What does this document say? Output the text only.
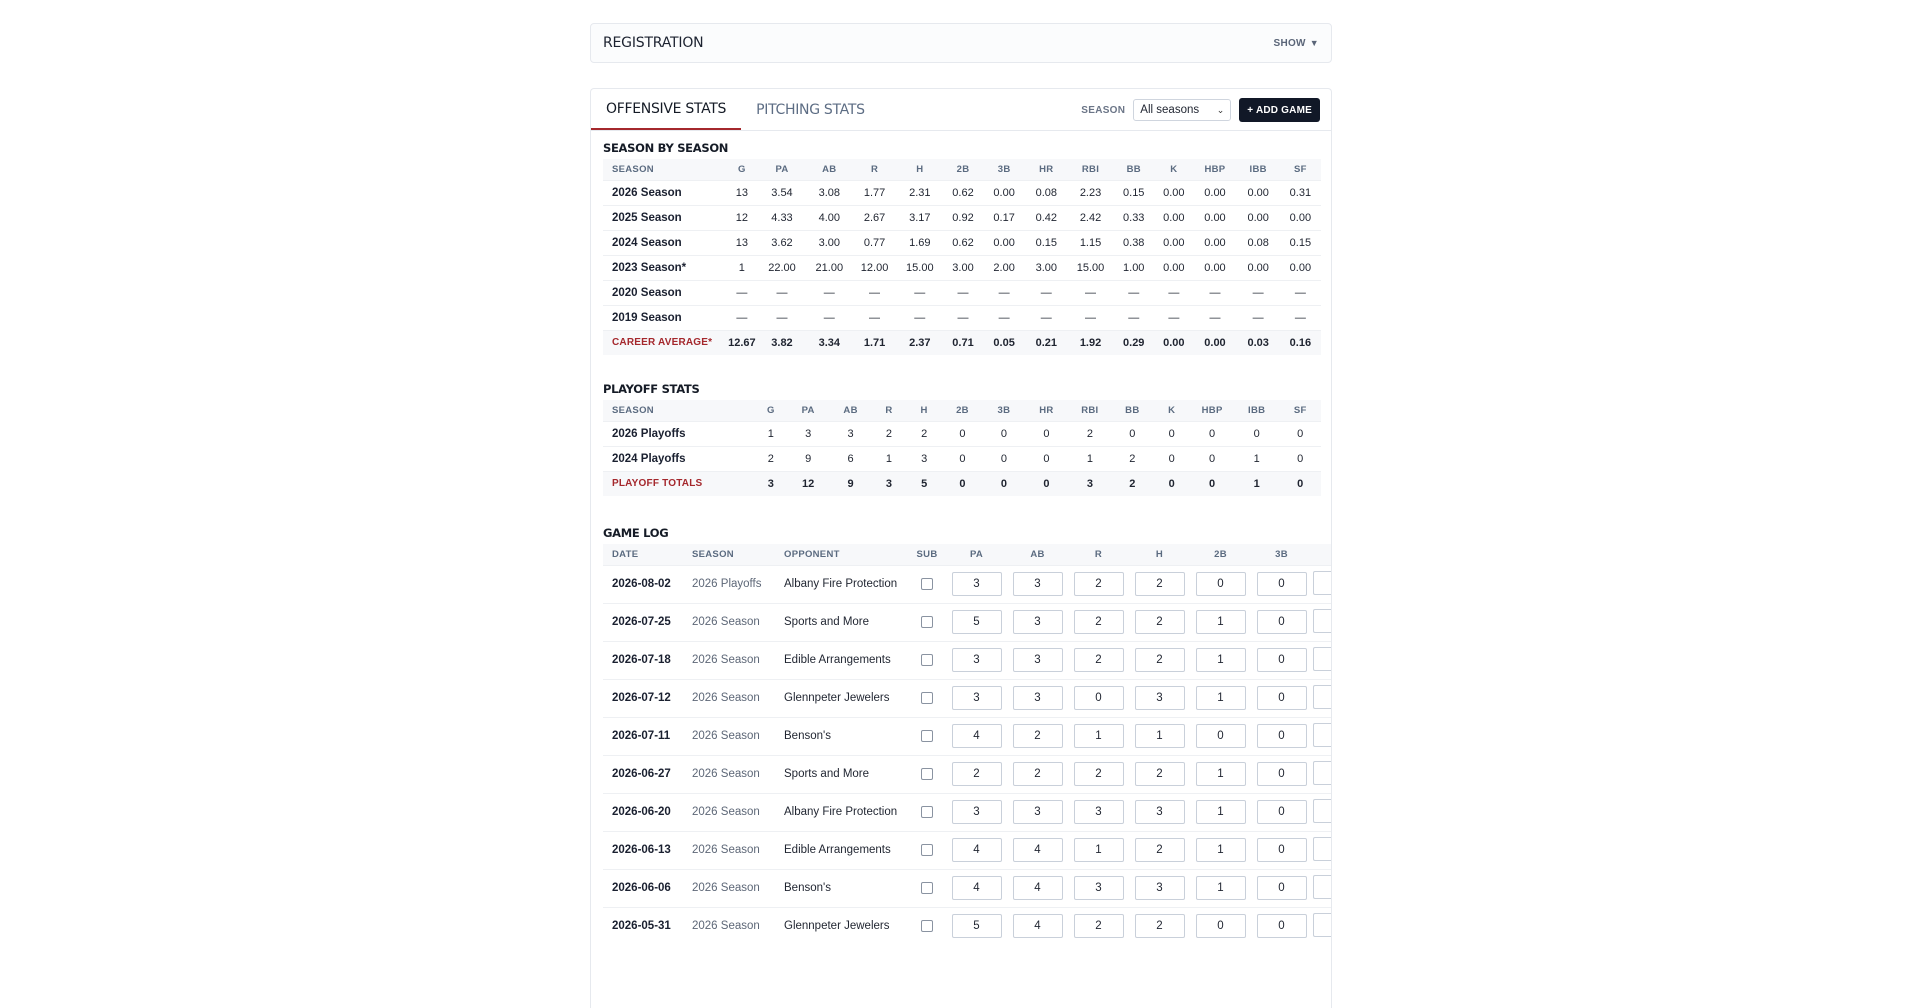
REGISTRATION	SHOW ▼
OFFENSIVE STATS	PITCHING STATS	SEASON All seasons ⌄	+ ADD GAME
SEASON BY SEASON
SEASON	G	PA	AB	R	H	2B	3B	HR	RBI	BB	K	HBP	IBB	SF
2026 Season	13	3.54	3.08	1.77	2.31	0.62	0.00	0.08	2.23	0.15	0.00	0.00	0.00	0.31
2025 Season	12	4.33	4.00	2.67	3.17	0.92	0.17	0.42	2.42	0.33	0.00	0.00	0.00	0.00
2024 Season	13	3.62	3.00	0.77	1.69	0.62	0.00	0.15	1.15	0.38	0.00	0.00	0.08	0.15
2023 Season*	1	22.00	21.00	12.00	15.00	3.00	2.00	3.00	15.00	1.00	0.00	0.00	0.00	0.00
2020 Season	—	—	—	—	—	—	—	—	—	—	—	—	—	—
2019 Season	—	—	—	—	—	—	—	—	—	—	—	—	—	—
CAREER AVERAGE*	12.67	3.82	3.34	1.71	2.37	0.71	0.05	0.21	1.92	0.29	0.00	0.00	0.03	0.16
PLAYOFF STATS
SEASON	G	PA	AB	R	H	2B	3B	HR	RBI	BB	K	HBP	IBB	SF
2026 Playoffs	1	3	3	2	2	0	0	0	2	0	0	0	0	0
2024 Playoffs	2	9	6	1	3	0	0	0	1	2	0	0	1	0
PLAYOFF TOTALS	3	12	9	3	5	0	0	0	3	2	0	0	1	0
GAME LOG
DATE	SEASON	OPPONENT	SUB	PA	AB	R	H	2B	3B	
2026-08-02	2026 Playoffs	Albany Fire Protection		3	3	2	2	0	0	
2026-07-25	2026 Season	Sports and More		5	3	2	2	1	0	
2026-07-18	2026 Season	Edible Arrangements		3	3	2	2	1	0	
2026-07-12	2026 Season	Glennpeter Jewelers		3	3	0	3	1	0	
2026-07-11	2026 Season	Benson's		4	2	1	1	0	0	
2026-06-27	2026 Season	Sports and More		2	2	2	2	1	0	
2026-06-20	2026 Season	Albany Fire Protection		3	3	3	3	1	0	
2026-06-13	2026 Season	Edible Arrangements		4	4	1	2	1	0	
2026-06-06	2026 Season	Benson's		4	4	3	3	1	0	
2026-05-31	2026 Season	Glennpeter Jewelers		5	4	2	2	0	0	
